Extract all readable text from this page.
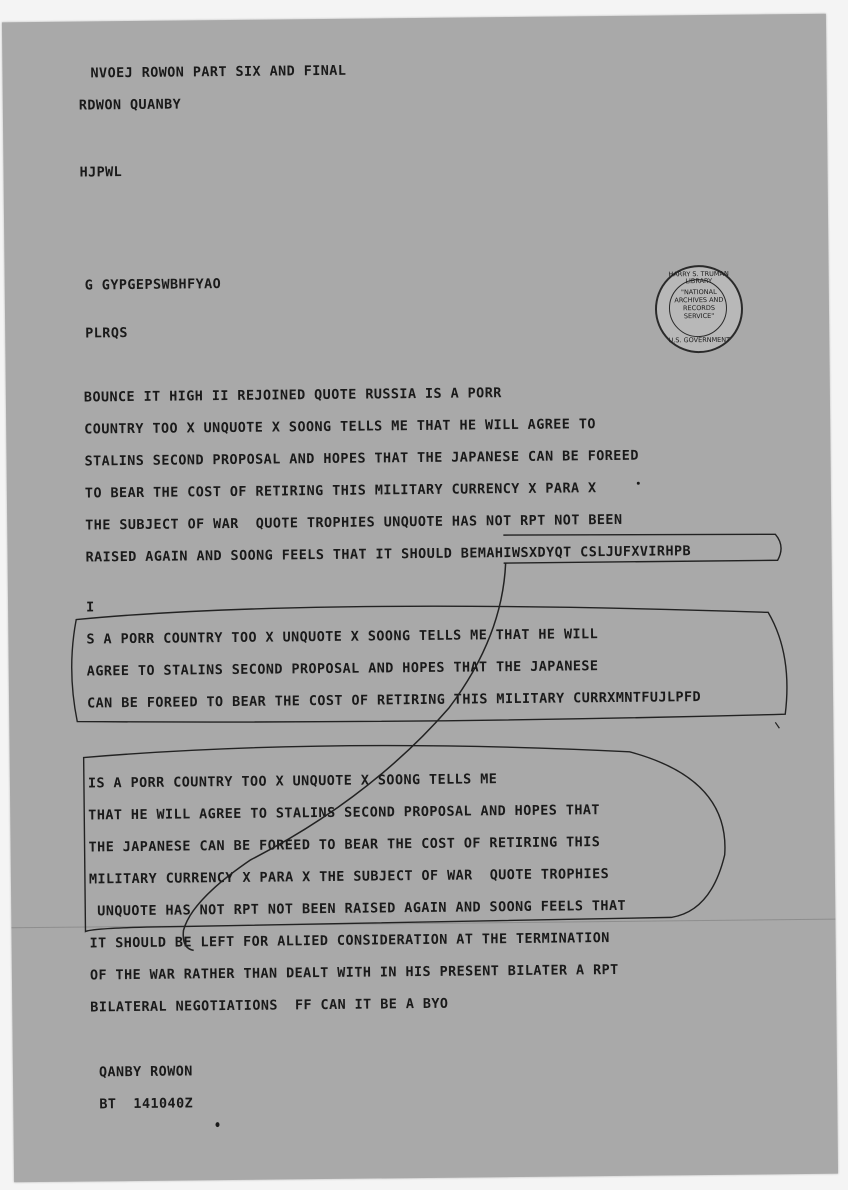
NVOEJ ROWON PART SIX AND FINAL

RDWON QUANBY

HJPWL

G GYPGEPSWBHFYAO

PLRQS

HARRY S. TRUMAN LIBRARY
"NATIONAL
ARCHIVES AND
RECORDS
SERVICE"
U.S. GOVERNMENT

BOUNCE IT HIGH II REJOINED QUOTE RUSSIA IS A PORR

COUNTRY TOO X UNQUOTE X SOONG TELLS ME THAT HE WILL AGREE TO

STALINS SECOND PROPOSAL AND HOPES THAT THE JAPANESE CAN BE FOREED

TO BEAR THE COST OF RETIRING THIS MILITARY CURRENCY X PARA X

THE SUBJECT OF WAR  QUOTE TROPHIES UNQUOTE HAS NOT RPT NOT BEEN

RAISED AGAIN AND SOONG FEELS THAT IT SHOULD BEMAHIWSXDYQT CSLJUFXVIRHPB

I

S A PORR COUNTRY TOO X UNQUOTE X SOONG TELLS ME THAT HE WILL

AGREE TO STALINS SECOND PROPOSAL AND HOPES THAT THE JAPANESE

CAN BE FOREED TO BEAR THE COST OF RETIRING THIS MILITARY CURRXMNTFUJLPFD

IS A PORR COUNTRY TOO X UNQUOTE X SOONG TELLS ME

THAT HE WILL AGREE TO STALINS SECOND PROPOSAL AND HOPES THAT

THE JAPANESE CAN BE FOREED TO BEAR THE COST OF RETIRING THIS

MILITARY CURRENCY X PARA X THE SUBJECT OF WAR  QUOTE TROPHIES

UNQUOTE HAS NOT RPT NOT BEEN RAISED AGAIN AND SOONG FEELS THAT

IT SHOULD BE LEFT FOR ALLIED CONSIDERATION AT THE TERMINATION

OF THE WAR RATHER THAN DEALT WITH IN HIS PRESENT BILATER A RPT

BILATERAL NEGOTIATIONS  FF CAN IT BE A BYO

QANBY ROWON

BT  141040Z
